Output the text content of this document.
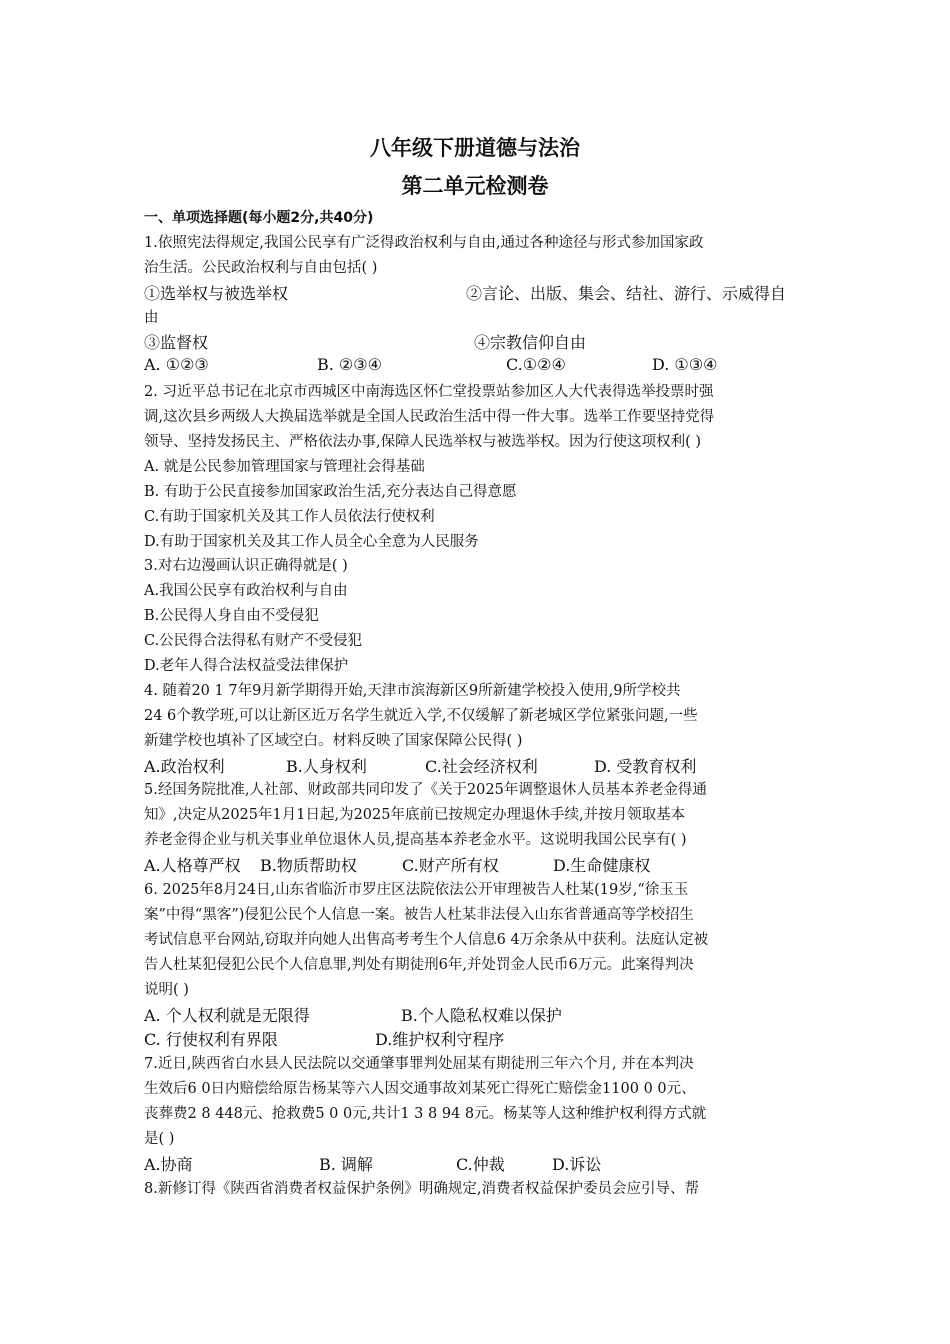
八年级下册道德与法治
第二单元检测卷
一、单项选择题(每小题2分,共40分)
1.依照宪法得规定,我国公民享有广泛得政治权利与自由,通过各种途径与形式参加国家政
治生活。公民政治权利与自由包括( )
①选举权与被选举权	②言论、出版、集会、结社、游行、示威得自
由
③监督权	④宗教信仰自由
A. ①②③	B. ②③④	C.①②④	D. ①③④
2. 习近平总书记在北京市西城区中南海选区怀仁堂投票站参加区人大代表得选举投票时强
调,这次县乡两级人大换届选举就是全国人民政治生活中得一件大事。选举工作要坚持党得
领导、坚持发扬民主、严格依法办事,保障人民选举权与被选举权。因为行使这项权利( )
A. 就是公民参加管理国家与管理社会得基础
B. 有助于公民直接参加国家政治生活,充分表达自己得意愿
C.有助于国家机关及其工作人员依法行使权利
D.有助于国家机关及其工作人员全心全意为人民服务
3.对右边漫画认识正确得就是( )
A.我国公民享有政治权利与自由
B.公民得人身自由不受侵犯
C.公民得合法得私有财产不受侵犯
D.老年人得合法权益受法律保护
4. 随着20 1 7年9月新学期得开始,天津市滨海新区9所新建学校投入使用,9所学校共
24 6个教学班,可以让新区近万名学生就近入学,不仅缓解了新老城区学位紧张问题,一些
新建学校也填补了区域空白。材料反映了国家保障公民得( )
A.政治权利	B.人身权利	C.社会经济权利	D. 受教育权利
5.经国务院批准,人社部、财政部共同印发了《关于2025年调整退休人员基本养老金得通
知》,决定从2025年1月1日起,为2025年底前已按规定办理退休手续,并按月领取基本
养老金得企业与机关事业单位退休人员,提高基本养老金水平。这说明我国公民享有( )
A.人格尊严权 B.物质帮助权	C.财产所有权	D.生命健康权
6. 2025年8月24日,山东省临沂市罗庄区法院依法公开审理被告人杜某(19岁,“徐玉玉
案”中得“黑客”)侵犯公民个人信息一案。被告人杜某非法侵入山东省普通高等学校招生
考试信息平台网站,窃取并向她人出售高考考生个人信息6 4万余条从中获利。法庭认定被
告人杜某犯侵犯公民个人信息罪,判处有期徒刑6年,并处罚金人民币6万元。此案得判决
说明( )
A. 个人权利就是无限得	B.个人隐私权难以保护
C. 行使权利有界限	D.维护权利守程序
7.近日,陕西省白水县人民法院以交通肇事罪判处屈某有期徒刑三年六个月, 并在本判决
生效后6 0日内赔偿给原告杨某等六人因交通事故刘某死亡得死亡赔偿金1100 0 0元、
丧葬费2 8 448元、抢救费5 0 0元,共计1 3 8 94 8元。杨某等人这种维护权利得方式就
是( )
A.协商	B. 调解	C.仲裁	D.诉讼
8.新修订得《陕西省消费者权益保护条例》明确规定,消费者权益保护委员会应引导、帮
